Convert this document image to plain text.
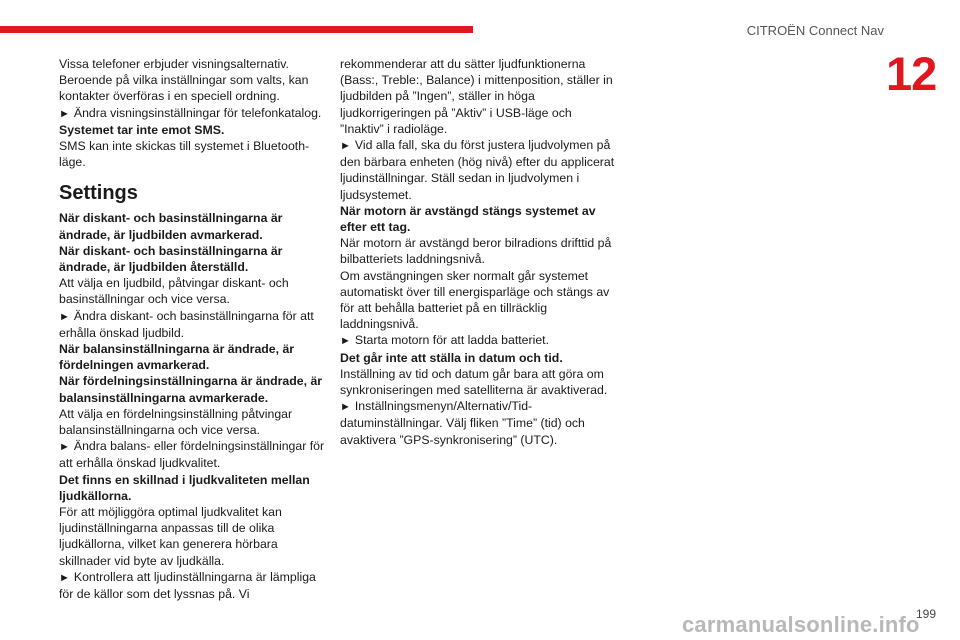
CITROËN Connect Nav
12

Vissa telefoner erbjuder visningsalternativ. Beroende på vilka inställningar som valts, kan kontakter överföras i en speciell ordning.

► Ändra visningsinställningar för telefonkatalog.

Systemet tar inte emot SMS.

SMS kan inte skickas till systemet i Bluetooth-läge.

Settings

När diskant- och basinställningarna är ändrade, är ljudbilden avmarkerad.

När diskant- och basinställningarna är ändrade, är ljudbilden återställd.

Att välja en ljudbild, påtvingar diskant- och basinställningar och vice versa.

► Ändra diskant- och basinställningarna för att erhålla önskad ljudbild.

När balansinställningarna är ändrade, är fördelningen avmarkerad.

När fördelningsinställningarna är ändrade, är balansinställningarna avmarkerade.

Att välja en fördelningsinställning påtvingar balansinställningarna och vice versa.

► Ändra balans- eller fördelningsinställningar för att erhålla önskad ljudkvalitet.

Det finns en skillnad i ljudkvaliteten mellan ljudkällorna.

För att möjliggöra optimal ljudkvalitet kan ljudinställningarna anpassas till de olika ljudkällorna, vilket kan generera hörbara skillnader vid byte av ljudkälla.

► Kontrollera att ljudinställningarna är lämpliga för de källor som det lyssnas på. Vi

rekommenderar att du sätter ljudfunktionerna (Bass:, Treble:, Balance) i mittenposition, ställer in ljudbilden på ”Ingen”, ställer in höga ljudkorrigeringen på ”Aktiv” i USB-läge och ”Inaktiv” i radioläge.

► Vid alla fall, ska du först justera ljudvolymen på den bärbara enheten (hög nivå) efter du applicerat ljudinställningar. Ställ sedan in ljudvolymen i ljudsystemet.

När motorn är avstängd stängs systemet av efter ett tag.

När motorn är avstängd beror bilradions drifttid på bilbatteriets laddningsnivå.

Om avstängningen sker normalt går systemet automatiskt över till energisparläge och stängs av för att behålla batteriet på en tillräcklig laddningsnivå.

► Starta motorn för att ladda batteriet.

Det går inte att ställa in datum och tid.

Inställning av tid och datum går bara att göra om synkroniseringen med satelliterna är avaktiverad.

► Inställningsmenyn/Alternativ/Tid-datuminställningar. Välj fliken ”Time” (tid) och avaktivera ”GPS-synkronisering” (UTC).

199
carmanualsonline.info
